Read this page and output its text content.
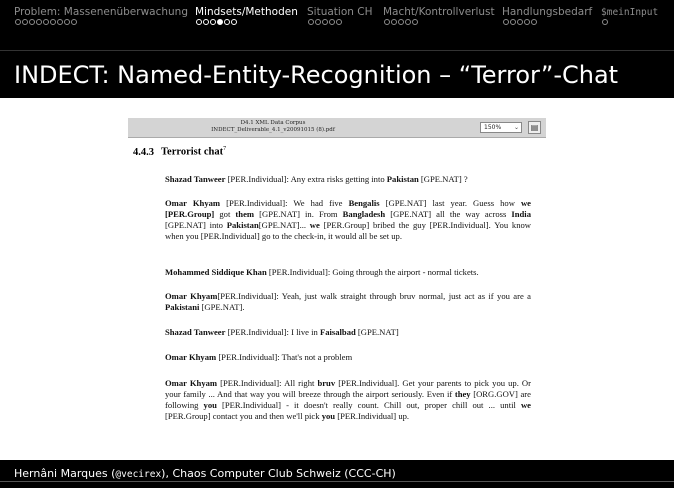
Problem: Massenenüberwachung Mindsets/Methoden Situation CH Macht/Kontrollverlust Handlungsbedarf $meinInput
INDECT: Named-Entity-Recognition – “Terror”-Chat
D4.1 XML Data Corpus
INDECT_Deliverable_4.1_v20091015 (8).pdf	150% ⌄	▤
4.4.3 Terrorist chat$^7$
Shazad Tanweer [PER.Individual]: Any extra risks getting into Pakistan [GPE.NAT] ?
Omar Khyam [PER.Individual]: We had five Bengalis [GPE.NAT] last year. Guess how we [PER.Group] got them [GPE.NAT] in. From Bangladesh [GPE.NAT] all the way across India [GPE.NAT] into Pakistan[GPE.NAT]... we [PER.Group] bribed the guy [PER.Individual]. You know when you [PER.Individual] go to the check-in, it would all be set up.
Mohammed Siddique Khan [PER.Individual]: Going through the airport - normal tickets.
Omar Khyam[PER.Individual]: Yeah, just walk straight through bruv normal, just act as if you are a Pakistani [GPE.NAT].
Shazad Tanweer [PER.Individual]: I live in Faisalbad [GPE.NAT]
Omar Khyam [PER.Individual]: That's not a problem
Omar Khyam [PER.Individual]: All right bruv [PER.Individual]. Get your parents to pick you up. Or your family ... And that way you will breeze through the airport seriously. Even if they [ORG.GOV] are following you [PER.Individual] - it doesn't really count. Chill out, proper chill out ... until we [PER.Group] contact you and then we'll pick you [PER.Individual] up.
Hernâni Marques (@vecirex), Chaos Computer Club Schweiz (CCC-CH)
